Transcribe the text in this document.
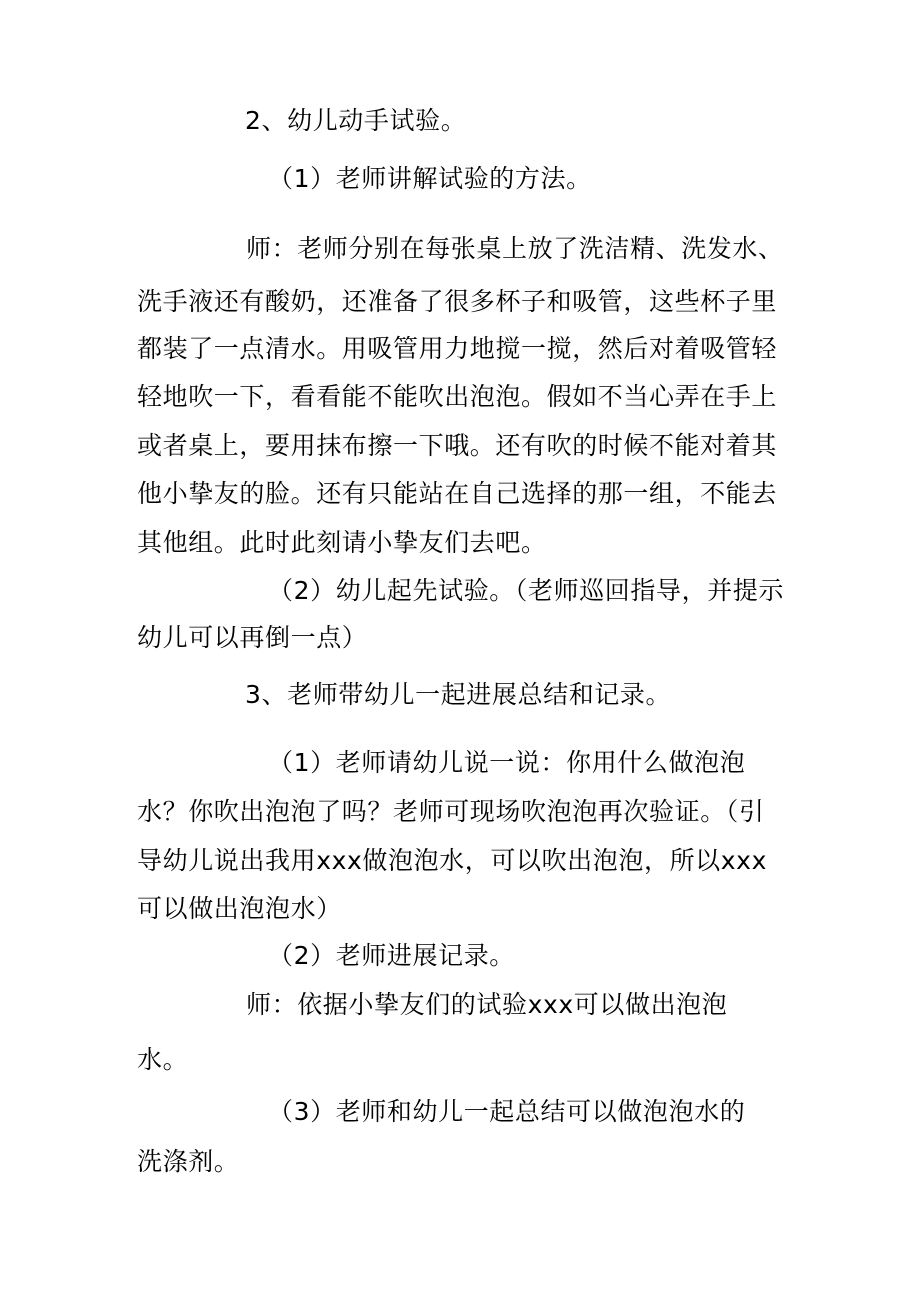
2、幼儿动手试验。
（1）老师讲解试验的方法。
师：老师分别在每张桌上放了洗洁精、洗发水、
洗手液还有酸奶，还准备了很多杯子和吸管，这些杯子里
都装了一点清水。用吸管用力地搅一搅，然后对着吸管轻
轻地吹一下，看看能不能吹出泡泡。假如不当心弄在手上
或者桌上，要用抹布擦一下哦。还有吹的时候不能对着其
他小挚友的脸。还有只能站在自己选择的那一组，不能去
其他组。此时此刻请小挚友们去吧。
（2）幼儿起先试验。（老师巡回指导，并提示
幼儿可以再倒一点）
3、老师带幼儿一起进展总结和记录。
（1）老师请幼儿说一说：你用什么做泡泡
水？你吹出泡泡了吗？老师可现场吹泡泡再次验证。（引
导幼儿说出我用xxx做泡泡水，可以吹出泡泡，所以xxx
可以做出泡泡水）
（2）老师进展记录。
师：依据小挚友们的试验xxx可以做出泡泡
水。
（3）老师和幼儿一起总结可以做泡泡水的
洗涤剂。
